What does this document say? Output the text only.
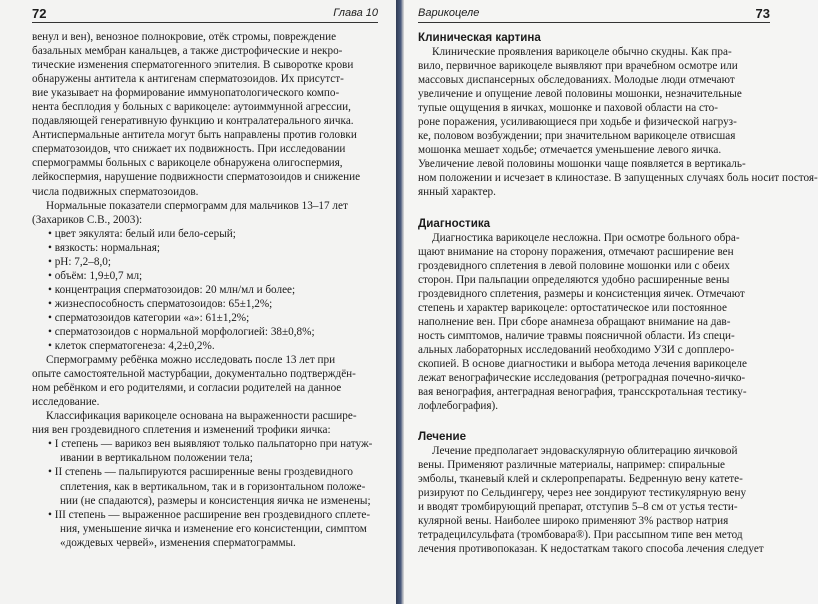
72	Глава 10
венул и вен), венозное полнокровие, отёк стромы, повреждение
базальных мембран канальцев, а также дистрофические и некро-
тические изменения сперматогенного эпителия. В сыворотке крови
обнаружены антитела к антигенам сперматозоидов. Их присутст-
вие указывает на формирование иммунопатологического компо-
нента бесплодия у больных с варикоцеле: аутоиммунной агрессии,
подавляющей генеративную функцию и контралатерального яичка.
Антиспермальные антитела могут быть направлены против головки
сперматозоидов, что снижает их подвижность. При исследовании
спермограммы больных с варикоцеле обнаружена олигоспермия,
лейкоспермия, нарушение подвижности сперматозоидов и снижение
числа подвижных сперматозоидов.
Нормальные показатели спермограмм для мальчиков 13–17 лет
(Захариков С.В., 2003):
• цвет эякулята: белый или бело-серый;
• вязкость: нормальная;
• pH: 7,2–8,0;
• объём: 1,9±0,7 мл;
• концентрация сперматозоидов: 20 млн/мл и более;
• жизнеспособность сперматозоидов: 65±1,2%;
• сперматозоидов категории «а»: 61±1,2%;
• сперматозоидов с нормальной морфологией: 38±0,8%;
• клеток сперматогенеза: 4,2±0,2%.
Спермограмму ребёнка можно исследовать после 13 лет при
опыте самостоятельной мастурбации, документально подтверждён-
ном ребёнком и его родителями, и согласии родителей на данное
исследование.
Классификация варикоцеле основана на выраженности расшире-
ния вен гроздевидного сплетения и изменений трофики яичка:
• I степень — варикоз вен выявляют только пальпаторно при натуж-
ивании в вертикальном положении тела;
• II степень — пальпируются расширенные вены гроздевидного
сплетения, как в вертикальном, так и в горизонтальном положе-
нии (не спадаются), размеры и консистенция яичка не изменены;
• III степень — выраженное расширение вен гроздевидного сплете-
ния, уменьшение яичка и изменение его консистенции, симптом
«дождевых червей», изменения сперматограммы.
Варикоцеле	73
Клиническая картина
Клинические проявления варикоцеле обычно скудны. Как пра-
вило, первичное варикоцеле выявляют при врачебном осмотре или
массовых диспансерных обследованиях. Молодые люди отмечают
увеличение и опущение левой половины мошонки, незначительные
тупые ощущения в яичках, мошонке и паховой области на сто-
роне поражения, усиливающиеся при ходьбе и физической нагруз-
ке, половом возбуждении; при значительном варикоцеле отвисшая
мошонка мешает ходьбе; отмечается уменьшение левого яичка.
Увеличение левой половины мошонки чаще появляется в вертикаль-
ном положении и исчезает в клиностазе. В запущенных случаях боль носит постоя-
янный характер.
Диагностика
Диагностика варикоцеле несложна. При осмотре больного обра-
щают внимание на сторону поражения, отмечают расширение вен
гроздевидного сплетения в левой половине мошонки или с обеих
сторон. При пальпации определяются удобно расширенные вены
гроздевидного сплетения, размеры и консистенция яичек. Отмечают
степень и характер варикоцеле: ортостатическое или постоянное
наполнение вен. При сборе анамнеза обращают внимание на дав-
ность симптомов, наличие травмы поясничной области. Из специ-
альных лабораторных исследований необходимо УЗИ с допплеро-
скопией. В основе диагностики и выбора метода лечения варикоцеле
лежат венографические исследования (ретроградная почечно-яичко-
вая венография, антеградная венография, трансскротальная тестику-
лофлебография).
Лечение
Лечение предполагает эндоваскулярную облитерацию яичковой
вены. Применяют различные материалы, например: спиральные
эмболы, тканевый клей и склеропрепараты. Бедренную вену катете-
ризируют по Сельдингеру, через нее зондируют тестикулярную вену
и вводят тромбирующий препарат, отступив 5–8 см от устья тести-
кулярной вены. Наиболее широко применяют 3% раствор натрия
тетрадецилсульфата (тромбовара®). При рассыпном типе вен метод
лечения противопоказан. К недостаткам такого способа лечения следует
